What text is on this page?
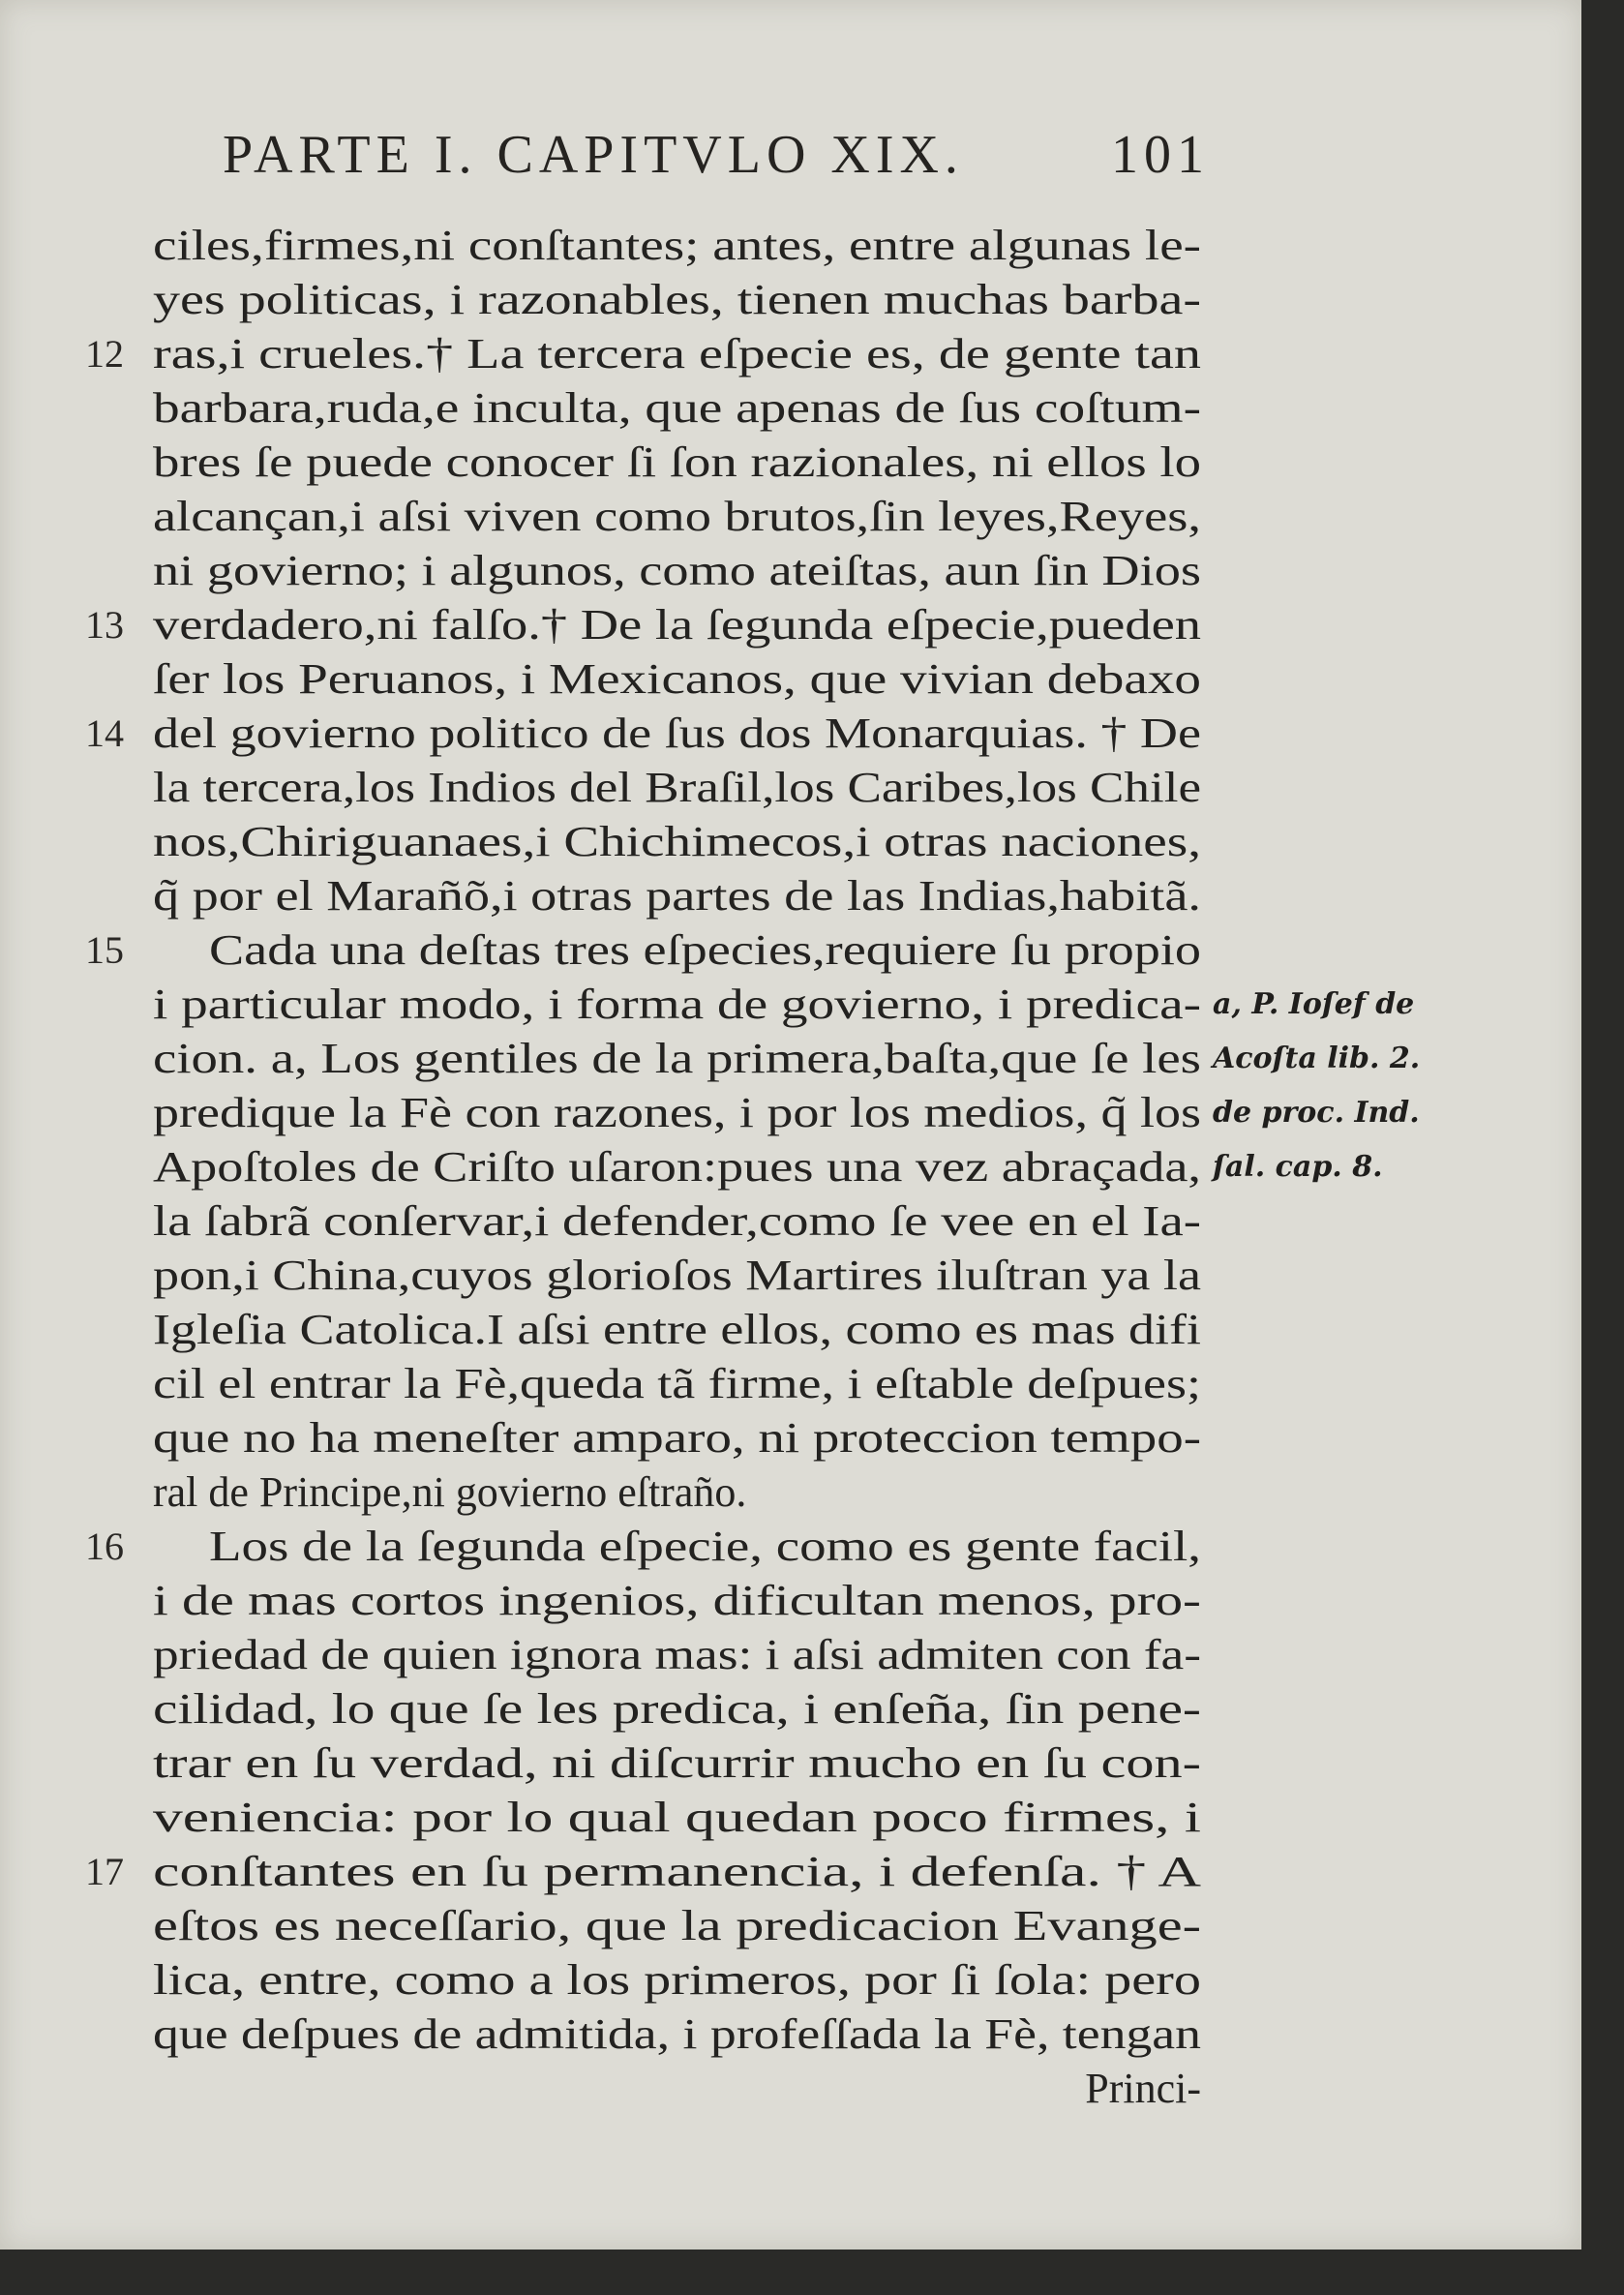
PARTE I. CAPITVLO XIX.	101
ciles,firmes,ni conſtantes; antes, entre algunas le-
yes politicas, i razonables, tienen muchas barba-
ras,i crueles.† La tercera eſpecie es, de gente tan
barbara,ruda,e inculta, que apenas de ſus coſtum-
bres ſe puede conocer ſi ſon razionales, ni ellos lo
alcançan,i aſsi viven como brutos,ſin leyes,Reyes,
ni govierno; i algunos, como ateiſtas, aun ſin Dios
verdadero,ni falſo.† De la ſegunda eſpecie,pueden
ſer los Peruanos, i Mexicanos, que vivian debaxo
del govierno politico de ſus dos Monarquias. † De
la tercera,los Indios del Braſil,los Caribes,los Chile
nos,Chiriguanaes,i Chichimecos,i otras naciones,
q̃ por el Marañõ,i otras partes de las Indias,habitã.
Cada una deſtas tres eſpecies,requiere ſu propio
i particular modo, i forma de govierno, i predica-
cion. a, Los gentiles de la primera,baſta,que ſe les
predique la Fè con razones, i por los medios, q̃ los
Apoſtoles de Criſto uſaron:pues una vez abraçada,
la ſabrã conſervar,i defender,como ſe vee en el Ia-
pon,i China,cuyos glorioſos Martires iluſtran ya la
Igleſia Catolica.I aſsi entre ellos, como es mas difi
cil el entrar la Fè,queda tã firme, i eſtable deſpues;
que no ha meneſter amparo, ni proteccion tempo-
ral de Principe,ni govierno eſtraño.
Los de la ſegunda eſpecie, como es gente facil,
i de mas cortos ingenios, dificultan menos, pro-
priedad de quien ignora mas: i aſsi admiten con fa-
cilidad, lo que ſe les predica, i enſeña, ſin pene-
trar en ſu verdad, ni diſcurrir mucho en ſu con-
veniencia: por lo qual quedan poco firmes, i
conſtantes en ſu permanencia, i defenſa. † A
eſtos es neceſſario, que la predicacion Evange-
lica, entre, como a los primeros, por ſi ſola: pero
que deſpues de admitida, i profeſſada la Fè, tengan
Princi-
12
13
14
15
16
17
a, P. Ioſef de
Acoſta lib. 2.
de proc. Ind.
ſal. cap. 8.
